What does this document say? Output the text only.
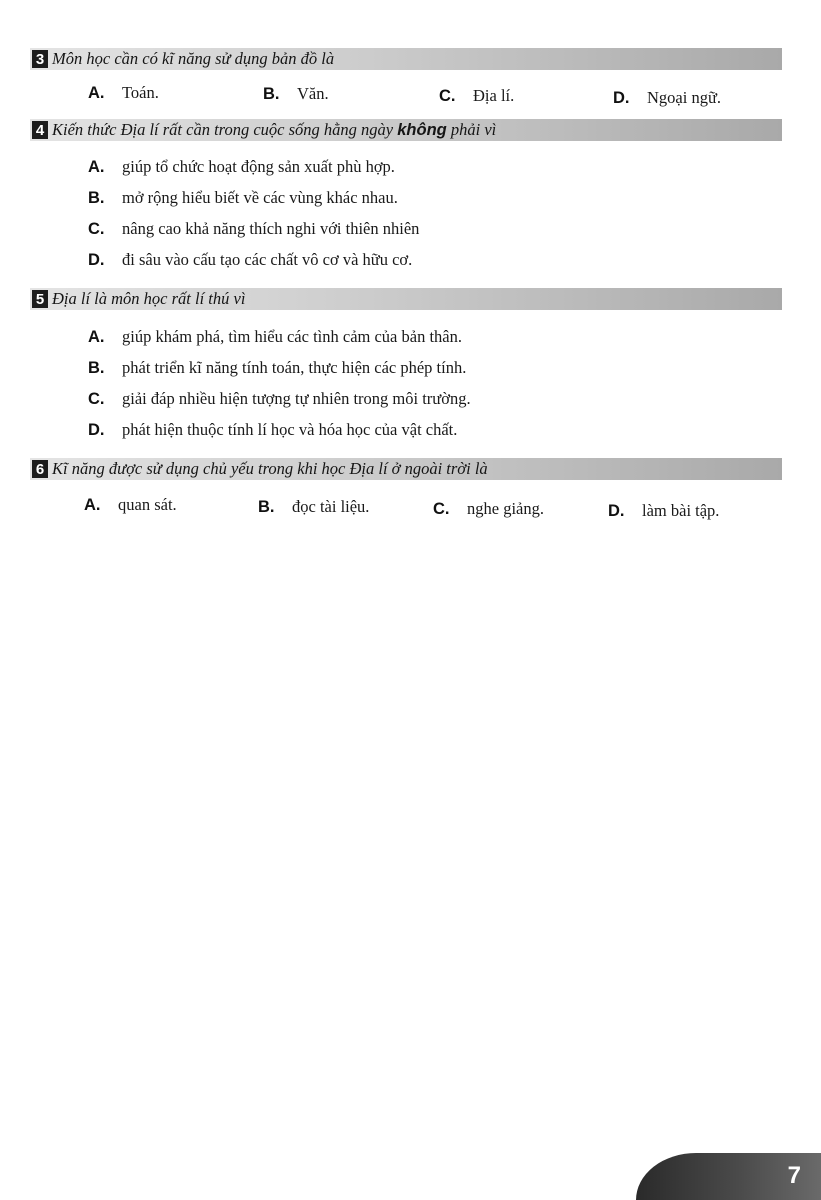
3 Môn học cần có kĩ năng sử dụng bản đồ là
A.	Toán.	B.	Văn.	C.	Địa lí.	D.	Ngoại ngữ.
4 Kiến thức Địa lí rất cần trong cuộc sống hằng ngày không phải vì
A.	giúp tổ chức hoạt động sản xuất phù hợp.
B.	mở rộng hiểu biết về các vùng khác nhau.
C.	nâng cao khả năng thích nghi với thiên nhiên
D.	đi sâu vào cấu tạo các chất vô cơ và hữu cơ.
5 Địa lí là môn học rất lí thú vì
A.	giúp khám phá, tìm hiểu các tình cảm của bản thân.
B.	phát triển kĩ năng tính toán, thực hiện các phép tính.
C.	giải đáp nhiều hiện tượng tự nhiên trong môi trường.
D.	phát hiện thuộc tính lí học và hóa học của vật chất.
6 Kĩ năng được sử dụng chủ yếu trong khi học Địa lí ở ngoài trời là
A.	quan sát.	B.	đọc tài liệu.	C.	nghe giảng.	D.	làm bài tập.
7
